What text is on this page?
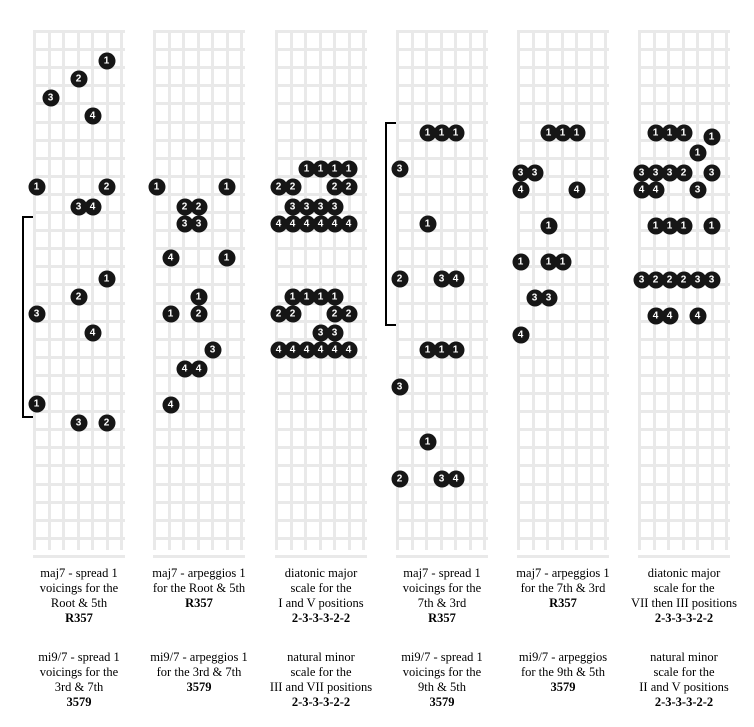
1
2
3
4
1	2
3 4
1
2
3
4
1
3	2
maj7 - spread 1
voicings for the
Root & 5th
R357
mi9/7 - spread 1
voicings for the
3rd & 7th
3579
1	1
2 2
3 3
4	1
1
1	2
3
4 4
4
maj7 - arpeggios 1
for the Root & 5th
R357
mi9/7 - arpeggios 1
for the 3rd & 7th
3579
1 1 1 1
2 2	2 2
3 3 3 3
4 4 4 4 4 4
1 1 1 1
2 2	2 2
3 3
4 4 4 4 4 4
diatonic major
scale for the
I and V positions
2-3-3-3-2-2
natural minor
scale for the
III and VII positions
2-3-3-3-2-2
1 1 1
3
1
2	3 4
1 1 1
3
1
2	3 4
maj7 - spread 1
voicings for the
7th & 3rd
R357
mi9/7 - spread 1
voicings for the
9th & 5th
3579
1 1 1
3 3
4	4
1
1	1 1
3 3
4
maj7 - arpeggios 1
for the 7th & 3rd
R357
mi9/7 - arpeggios
for the 9th & 5th
3579
1 1 1	1
1
3 3 3 2	3
4 4	3
1 1 1	1
3 2 2 2 3 3
4 4	4
diatonic major
scale for the
VII then III positions
2-3-3-3-2-2
natural minor
scale for the
II and V positions
2-3-3-3-2-2
